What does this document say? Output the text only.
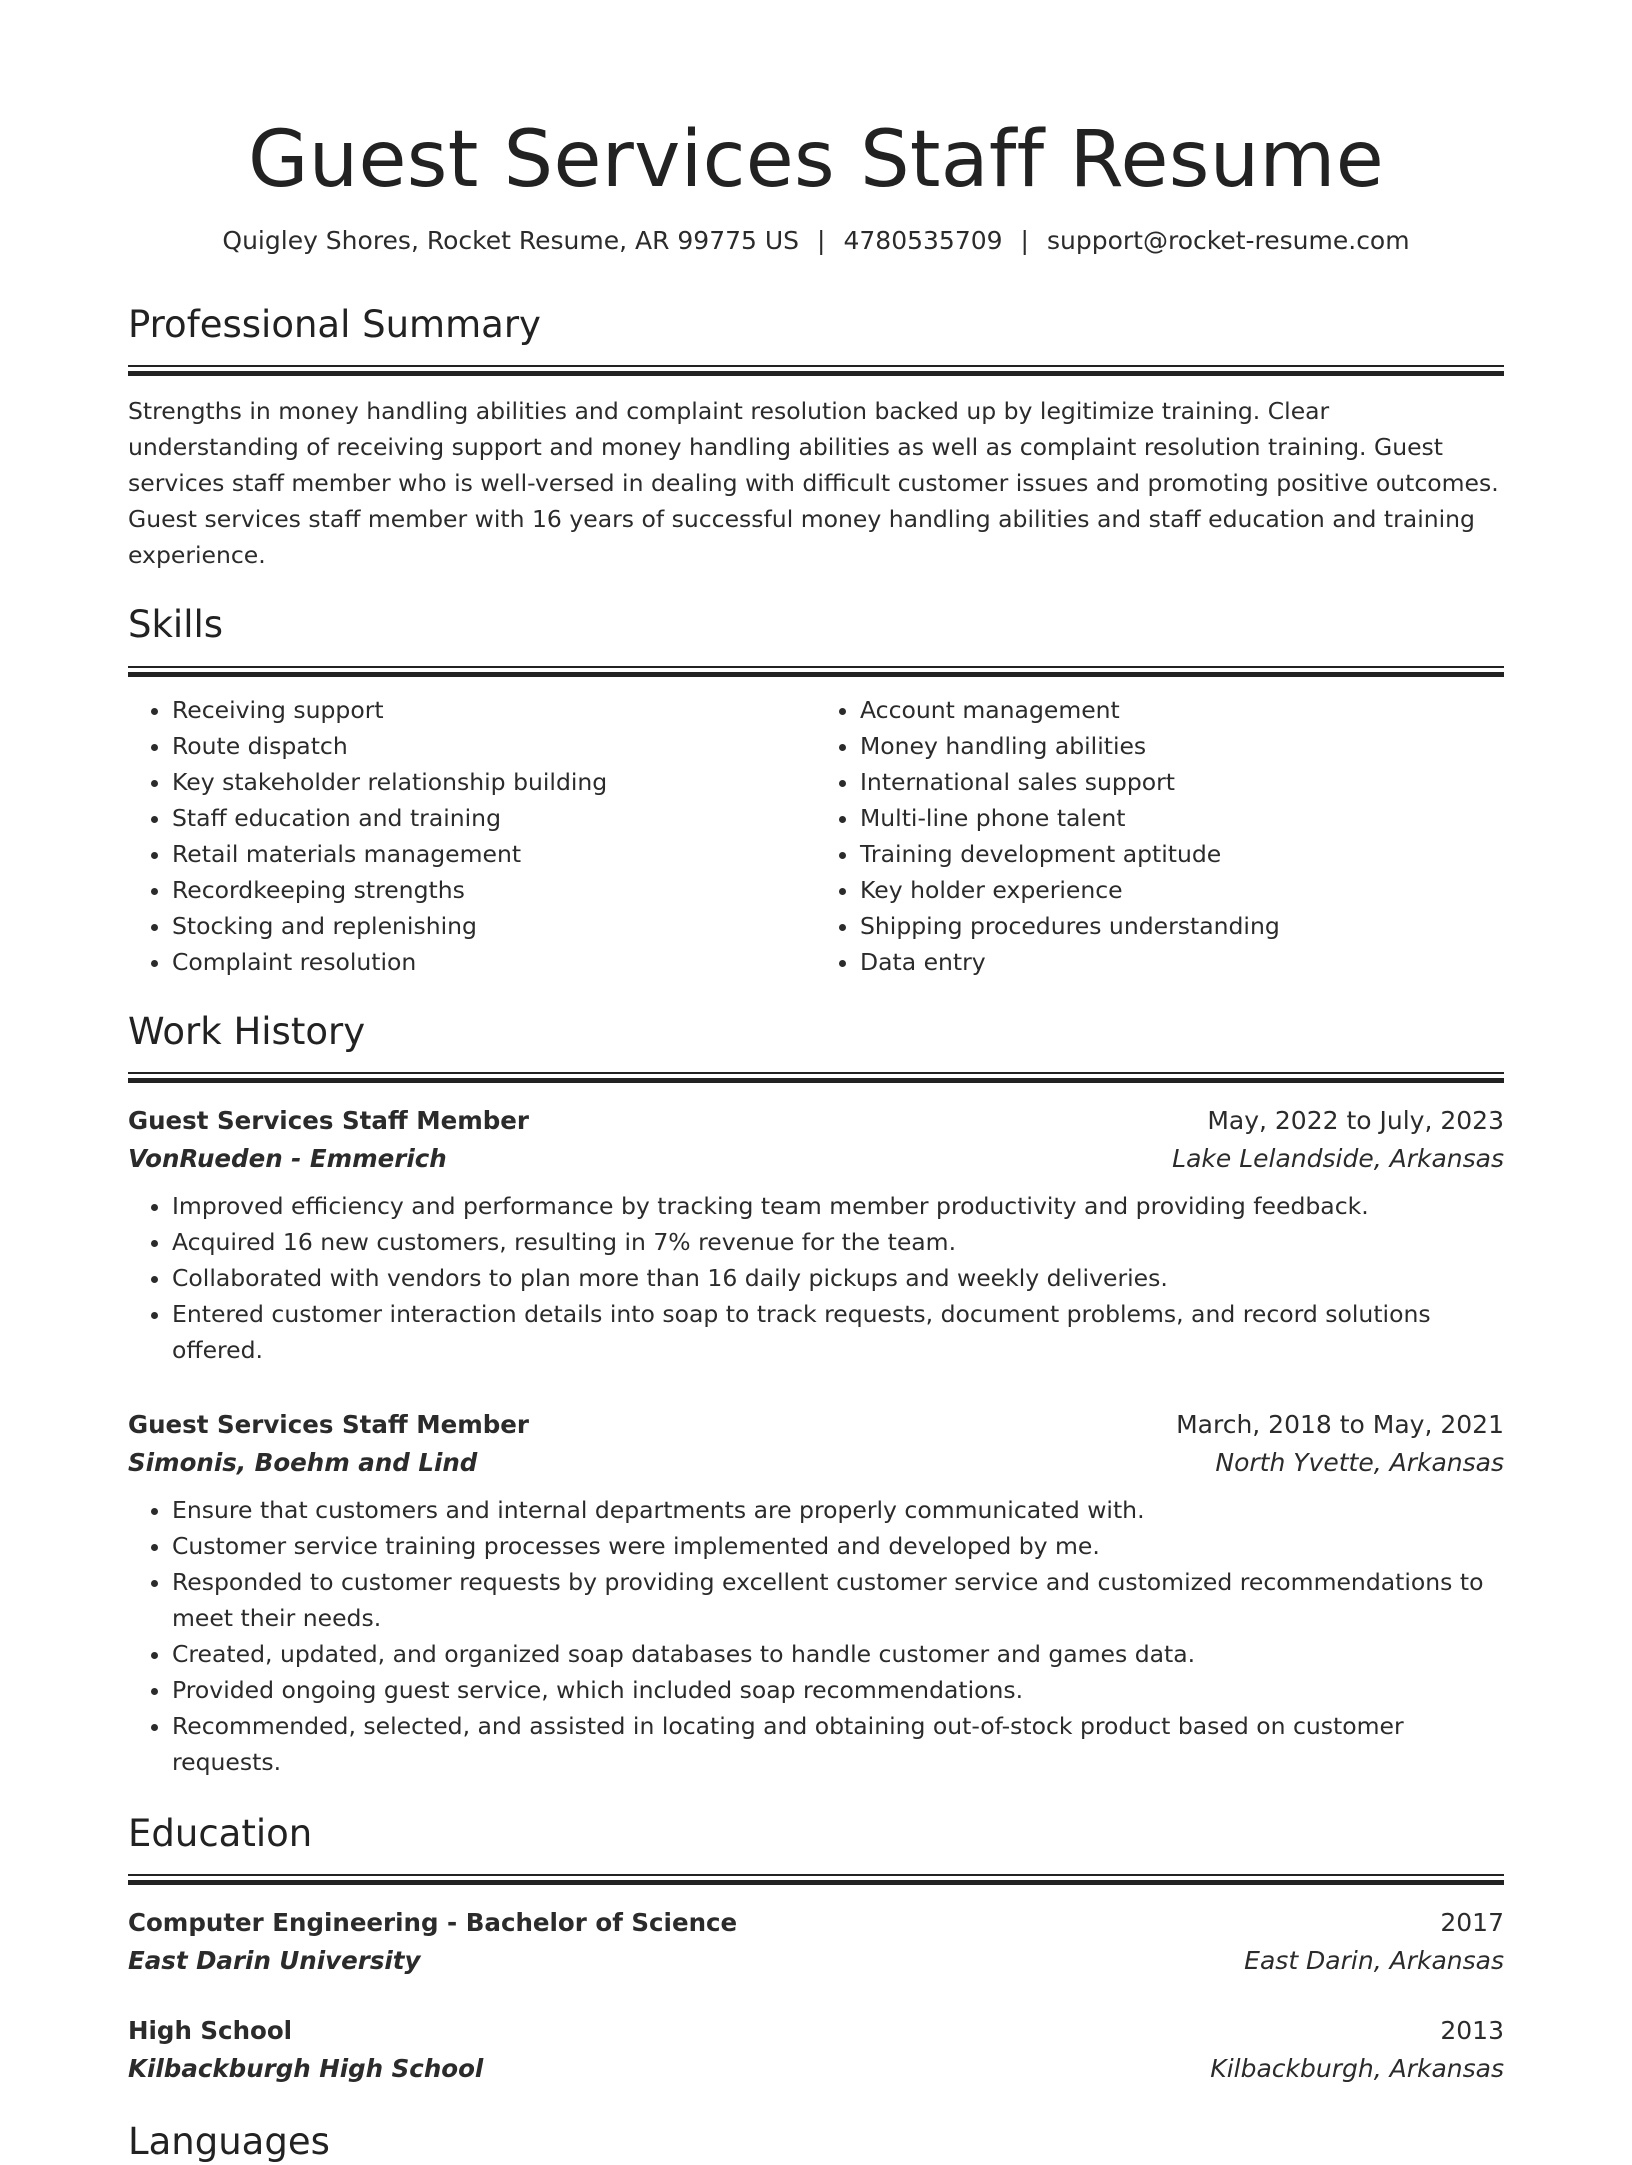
Guest Services Staff Resume
Quigley Shores, Rocket Resume, AR 99775 US | 4780535709 | support@rocket-resume.com
Professional Summary

Strengths in money handling abilities and complaint resolution backed up by legitimize training. Clear understanding of receiving support and money handling abilities as well as complaint resolution training. Guest services staff member who is well-versed in dealing with difficult customer issues and promoting positive outcomes. Guest services staff member with 16 years of successful money handling abilities and staff education and training experience.

Skills
• Receiving support
• Route dispatch
• Key stakeholder relationship building
• Staff education and training
• Retail materials management
• Recordkeeping strengths
• Stocking and replenishing
• Complaint resolution
• Account management
• Money handling abilities
• International sales support
• Multi-line phone talent
• Training development aptitude
• Key holder experience
• Shipping procedures understanding
• Data entry
Work History
Guest Services Staff Member	May, 2022 to July, 2023
VonRueden - Emmerich	Lake Lelandside, Arkansas
• Improved efficiency and performance by tracking team member productivity and providing feedback.
• Acquired 16 new customers, resulting in 7% revenue for the team.
• Collaborated with vendors to plan more than 16 daily pickups and weekly deliveries.
• Entered customer interaction details into soap to track requests, document problems, and record solutions offered.
Guest Services Staff Member	March, 2018 to May, 2021
Simonis, Boehm and Lind	North Yvette, Arkansas
• Ensure that customers and internal departments are properly communicated with.
• Customer service training processes were implemented and developed by me.
• Responded to customer requests by providing excellent customer service and customized recommendations to meet their needs.
• Created, updated, and organized soap databases to handle customer and games data.
• Provided ongoing guest service, which included soap recommendations.
• Recommended, selected, and assisted in locating and obtaining out-of-stock product based on customer requests.
Education
Computer Engineering - Bachelor of Science	2017
East Darin University	East Darin, Arkansas
High School	2013
Kilbackburgh High School	Kilbackburgh, Arkansas
Languages
